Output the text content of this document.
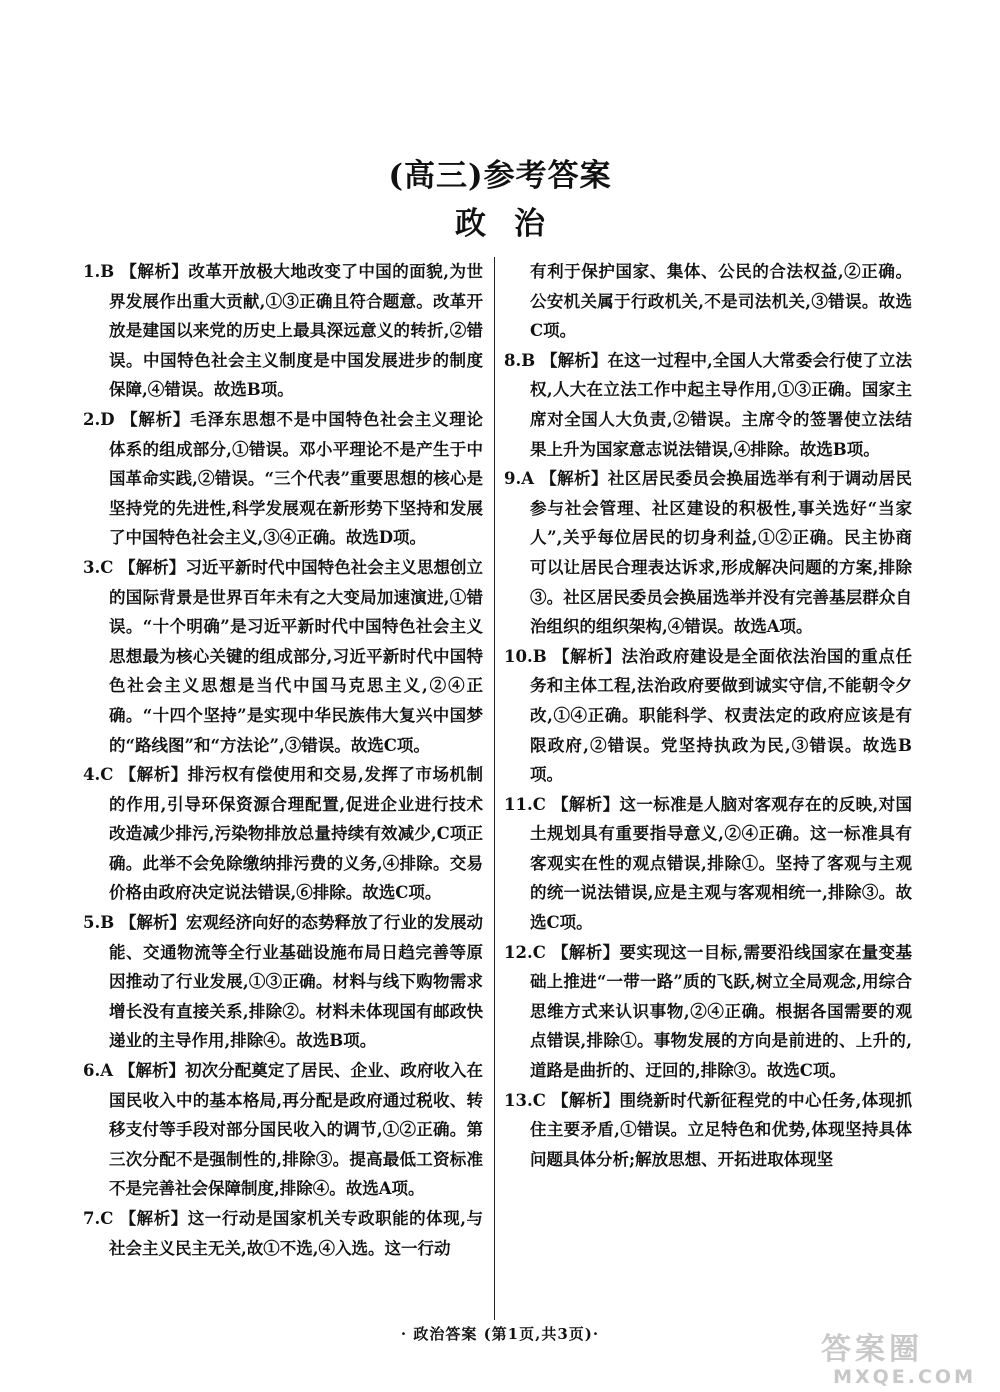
(高三)参考答案
政治

1.B 【解析】改革开放极大地改变了中国的面貌,为世界发展作出重大贡献,①③正确且符合题意。改革开放是建国以来党的历史上最具深远意义的转折,②错误。中国特色社会主义制度是中国发展进步的制度保障,④错误。故选B项。

2.D 【解析】毛泽东思想不是中国特色社会主义理论体系的组成部分,①错误。邓小平理论不是产生于中国革命实践,②错误。“三个代表”重要思想的核心是坚持党的先进性,科学发展观在新形势下坚持和发展了中国特色社会主义,③④正确。故选D项。

3.C 【解析】习近平新时代中国特色社会主义思想创立的国际背景是世界百年未有之大变局加速演进,①错误。“十个明确”是习近平新时代中国特色社会主义思想最为核心关键的组成部分,习近平新时代中国特色社会主义思想是当代中国马克思主义,②④正确。“十四个坚持”是实现中华民族伟大复兴中国梦的“路线图”和“方法论”,③错误。故选C项。

4.C 【解析】排污权有偿使用和交易,发挥了市场机制的作用,引导环保资源合理配置,促进企业进行技术改造减少排污,污染物排放总量持续有效减少,C项正确。此举不会免除缴纳排污费的义务,④排除。交易价格由政府决定说法错误,⑥排除。故选C项。

5.B 【解析】宏观经济向好的态势释放了行业的发展动能、交通物流等全行业基础设施布局日趋完善等原因推动了行业发展,①③正确。材料与线下购物需求增长没有直接关系,排除②。材料未体现国有邮政快递业的主导作用,排除④。故选B项。

6.A 【解析】初次分配奠定了居民、企业、政府收入在国民收入中的基本格局,再分配是政府通过税收、转移支付等手段对部分国民收入的调节,①②正确。第三次分配不是强制性的,排除③。提高最低工资标准不是完善社会保障制度,排除④。故选A项。

7.C 【解析】这一行动是国家机关专政职能的体现,与社会主义民主无关,故①不选,④入选。这一行动

有利于保护国家、集体、公民的合法权益,②正确。公安机关属于行政机关,不是司法机关,③错误。故选C项。

8.B 【解析】在这一过程中,全国人大常委会行使了立法权,人大在立法工作中起主导作用,①③正确。国家主席对全国人大负责,②错误。主席令的签署使立法结果上升为国家意志说法错误,④排除。故选B项。

9.A 【解析】社区居民委员会换届选举有利于调动居民参与社会管理、社区建设的积极性,事关选好“当家人”,关乎每位居民的切身利益,①②正确。民主协商可以让居民合理表达诉求,形成解决问题的方案,排除③。社区居民委员会换届选举并没有完善基层群众自治组织的组织架构,④错误。故选A项。

10.B 【解析】法治政府建设是全面依法治国的重点任务和主体工程,法治政府要做到诚实守信,不能朝令夕改,①④正确。职能科学、权责法定的政府应该是有限政府,②错误。党坚持执政为民,③错误。故选B项。

11.C 【解析】这一标准是人脑对客观存在的反映,对国土规划具有重要指导意义,②④正确。这一标准具有客观实在性的观点错误,排除①。坚持了客观与主观的统一说法错误,应是主观与客观相统一,排除③。故选C项。

12.C 【解析】要实现这一目标,需要沿线国家在量变基础上推进“一带一路”质的飞跃,树立全局观念,用综合思维方式来认识事物,②④正确。根据各国需要的观点错误,排除①。事物发展的方向是前进的、上升的,道路是曲折的、迂回的,排除③。故选C项。

13.C 【解析】围绕新时代新征程党的中心任务,体现抓住主要矛盾,①错误。立足特色和优势,体现坚持具体问题具体分析;解放思想、开拓进取体现坚

· 政治答案 (第1页,共3页)·	答案圈
MXQE.COM
